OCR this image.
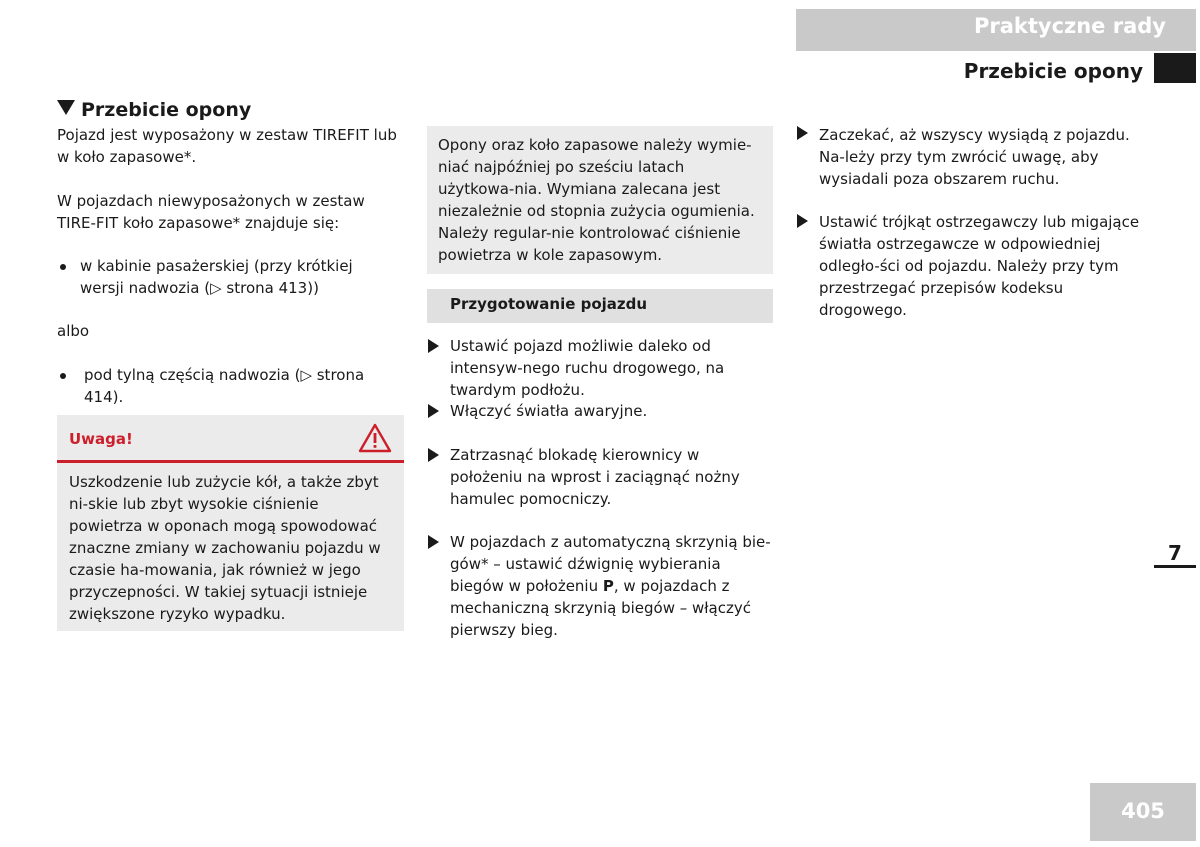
Praktyczne rady
Przebicie opony
Przebicie opony
Pojazd jest wyposażony w zestaw TIREFIT lub w koło zapasowe*.
W pojazdach niewyposażonych w zestaw TIRE-FIT koło zapasowe* znajduje się:
w kabinie pasażerskiej (przy krótkiej wersji nadwozia (▷ strona 413))
albo
pod tylną częścią nadwozia (▷ strona 414).
Uwaga!
Uszkodzenie lub zużycie kół, a także zbyt ni-skie lub zbyt wysokie ciśnienie powietrza w oponach mogą spowodować znaczne zmiany w zachowaniu pojazdu w czasie ha-mowania, jak również w jego przyczepności. W takiej sytuacji istnieje zwiększone ryzyko wypadku.
Opony oraz koło zapasowe należy wymie-niać najpóźniej po sześciu latach użytkowa-nia. Wymiana zalecana jest niezależnie od stopnia zużycia ogumienia. Należy regular-nie kontrolować ciśnienie powietrza w kole zapasowym.
Przygotowanie pojazdu
Ustawić pojazd możliwie daleko od intensyw-nego ruchu drogowego, na twardym podłożu.
Włączyć światła awaryjne.
Zatrzasnąć blokadę kierownicy w położeniu na wprost i zaciągnąć nożny hamulec pomocniczy.
W pojazdach z automatyczną skrzynią bie-gów* – ustawić dźwignię wybierania biegów w położeniu P, w pojazdach z mechaniczną skrzynią biegów – włączyć pierwszy bieg.
Zaczekać, aż wszyscy wysiądą z pojazdu. Na-leży przy tym zwrócić uwagę, aby wysiadali poza obszarem ruchu.
Ustawić trójkąt ostrzegawczy lub migające światła ostrzegawcze w odpowiedniej odległo-ści od pojazdu. Należy przy tym przestrzegać przepisów kodeksu drogowego.
7
405
